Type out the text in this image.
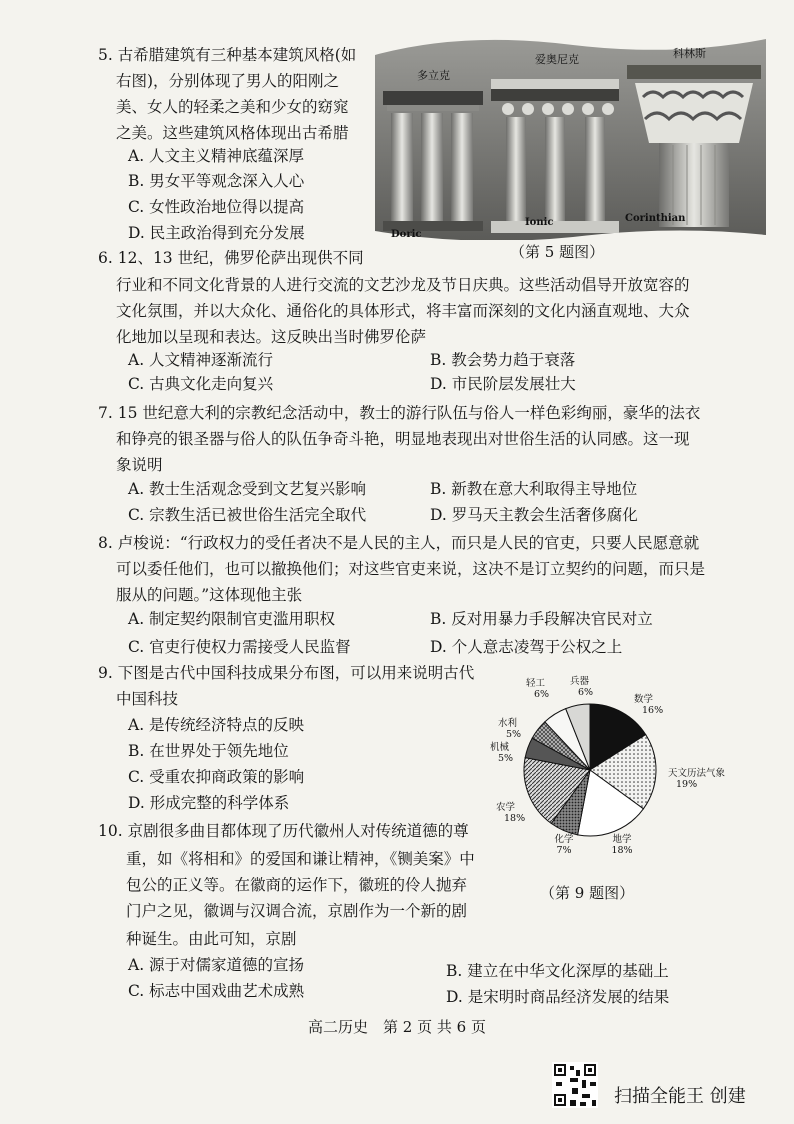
5. 古希腊建筑有三种基本建筑风格(如
右图)，分别体现了男人的阳刚之
美、女人的轻柔之美和少女的窈窕
之美。这些建筑风格体现出古希腊
A. 人文主义精神底蕴深厚
B. 男女平等观念深入人心
C. 女性政治地位得以提高
D. 民主政治得到充分发展
多立克
爱奥尼克	科林斯
Doric
Ionic	Corinthian
（第 5 题图）
6. 12、13 世纪，佛罗伦萨出现供不同
行业和不同文化背景的人进行交流的文艺沙龙及节日庆典。这些活动倡导开放宽容的
文化氛围，并以大众化、通俗化的具体形式，将丰富而深刻的文化内涵直观地、大众
化地加以呈现和表达。这反映出当时佛罗伦萨
A. 人文精神逐渐流行	B. 教会势力趋于衰落
C. 古典文化走向复兴	D. 市民阶层发展壮大
7. 15 世纪意大利的宗教纪念活动中，教士的游行队伍与俗人一样色彩绚丽，豪华的法衣
和铮亮的银圣器与俗人的队伍争奇斗艳，明显地表现出对世俗生活的认同感。这一现
象说明
A. 教士生活观念受到文艺复兴影响	B. 新教在意大利取得主导地位
C. 宗教生活已被世俗生活完全取代	D. 罗马天主教会生活奢侈腐化
8. 卢梭说：“行政权力的受任者决不是人民的主人，而只是人民的官吏，只要人民愿意就
可以委任他们，也可以撤换他们；对这些官吏来说，这决不是订立契约的问题，而只是
服从的问题。”这体现他主张
A. 制定契约限制官吏滥用职权	B. 反对用暴力手段解决官民对立
C. 官吏行使权力需接受人民监督	D. 个人意志凌驾于公权之上
9. 下图是古代中国科技成果分布图，可以用来说明古代
中国科技
A. 是传统经济特点的反映
B. 在世界处于领先地位
C. 受重农抑商政策的影响
D. 形成完整的科学体系
数学
16%
天文历法气象
19%
地学
18%
化学
7%
农学
18%
机械
5%
水利
5%
轻工
6%
兵器
6%
（第 9 题图）
10. 京剧很多曲目都体现了历代徽州人对传统道德的尊
重，如《将相和》的爱国和谦让精神，《铡美案》中
包公的正义等。在徽商的运作下，徽班的伶人抛弃
门户之见，徽调与汉调合流，京剧作为一个新的剧
种诞生。由此可知，京剧
A. 源于对儒家道德的宣扬	B. 建立在中华文化深厚的基础上
C. 标志中国戏曲艺术成熟	D. 是宋明时商品经济发展的结果
高二历史　第 2 页 共 6 页
扫描全能王 创建
